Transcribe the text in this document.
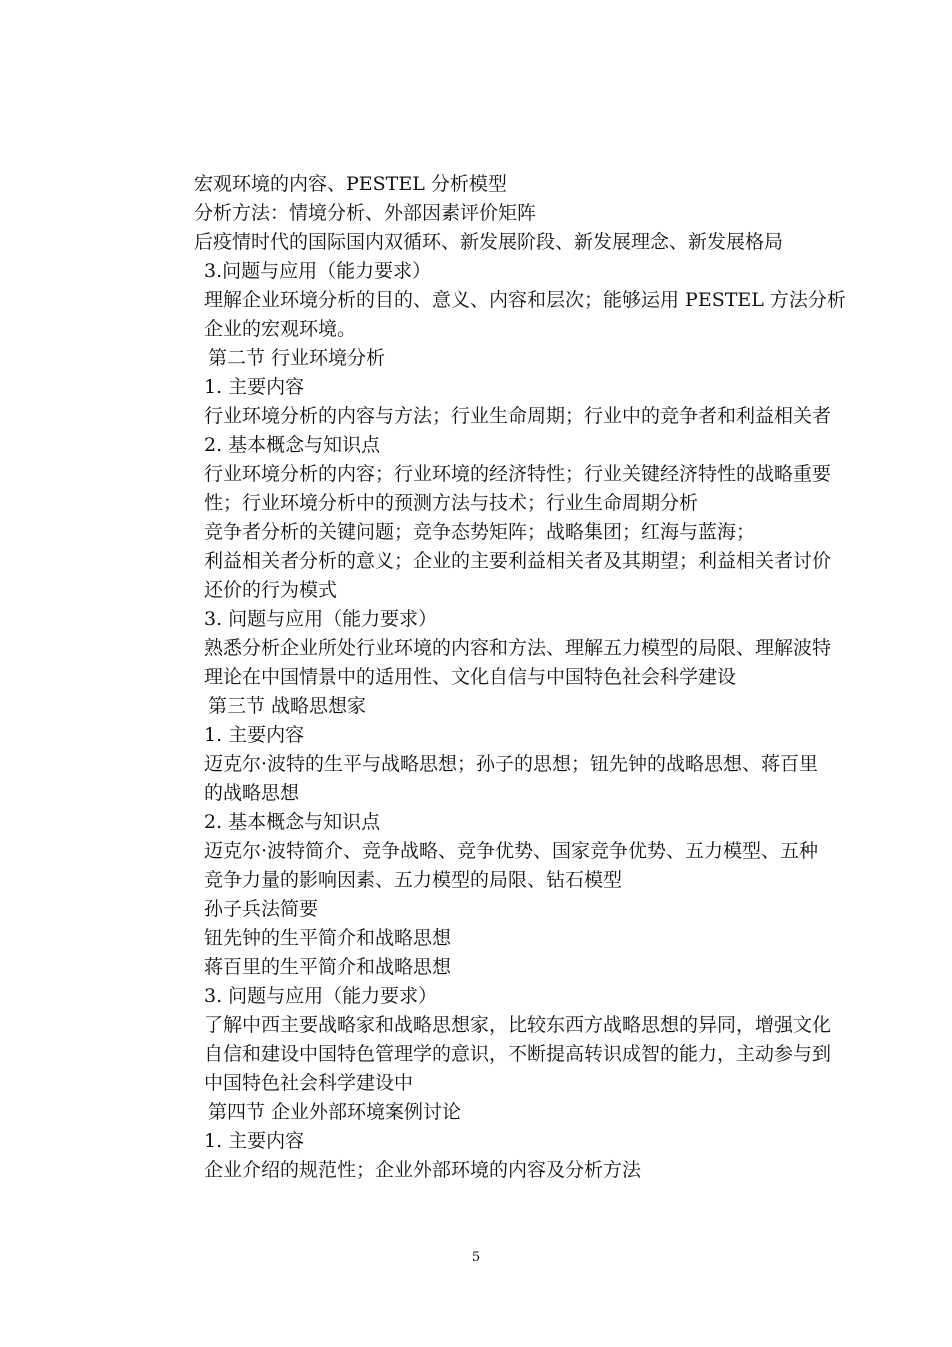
宏观环境的内容、PESTEL 分析模型
分析方法：情境分析、外部因素评价矩阵
后疫情时代的国际国内双循环、新发展阶段、新发展理念、新发展格局
3.问题与应用（能力要求）
理解企业环境分析的目的、意义、内容和层次；能够运用 PESTEL 方法分析
企业的宏观环境。
第二节 行业环境分析
1. 主要内容
行业环境分析的内容与方法；行业生命周期；行业中的竞争者和利益相关者
2. 基本概念与知识点
行业环境分析的内容；行业环境的经济特性；行业关键经济特性的战略重要
性；行业环境分析中的预测方法与技术；行业生命周期分析
竞争者分析的关键问题；竞争态势矩阵；战略集团；红海与蓝海；
利益相关者分析的意义；企业的主要利益相关者及其期望；利益相关者讨价
还价的行为模式
3. 问题与应用（能力要求）
熟悉分析企业所处行业环境的内容和方法、理解五力模型的局限、理解波特
理论在中国情景中的适用性、文化自信与中国特色社会科学建设
第三节 战略思想家
1. 主要内容
迈克尔·波特的生平与战略思想；孙子的思想；钮先钟的战略思想、蒋百里
的战略思想
2. 基本概念与知识点
迈克尔·波特简介、竞争战略、竞争优势、国家竞争优势、五力模型、五种
竞争力量的影响因素、五力模型的局限、钻石模型
孙子兵法简要
钮先钟的生平简介和战略思想
蒋百里的生平简介和战略思想
3. 问题与应用（能力要求）
了解中西主要战略家和战略思想家，比较东西方战略思想的异同，增强文化
自信和建设中国特色管理学的意识，不断提高转识成智的能力，主动参与到
中国特色社会科学建设中
第四节 企业外部环境案例讨论
1. 主要内容
企业介绍的规范性；企业外部环境的内容及分析方法
5
